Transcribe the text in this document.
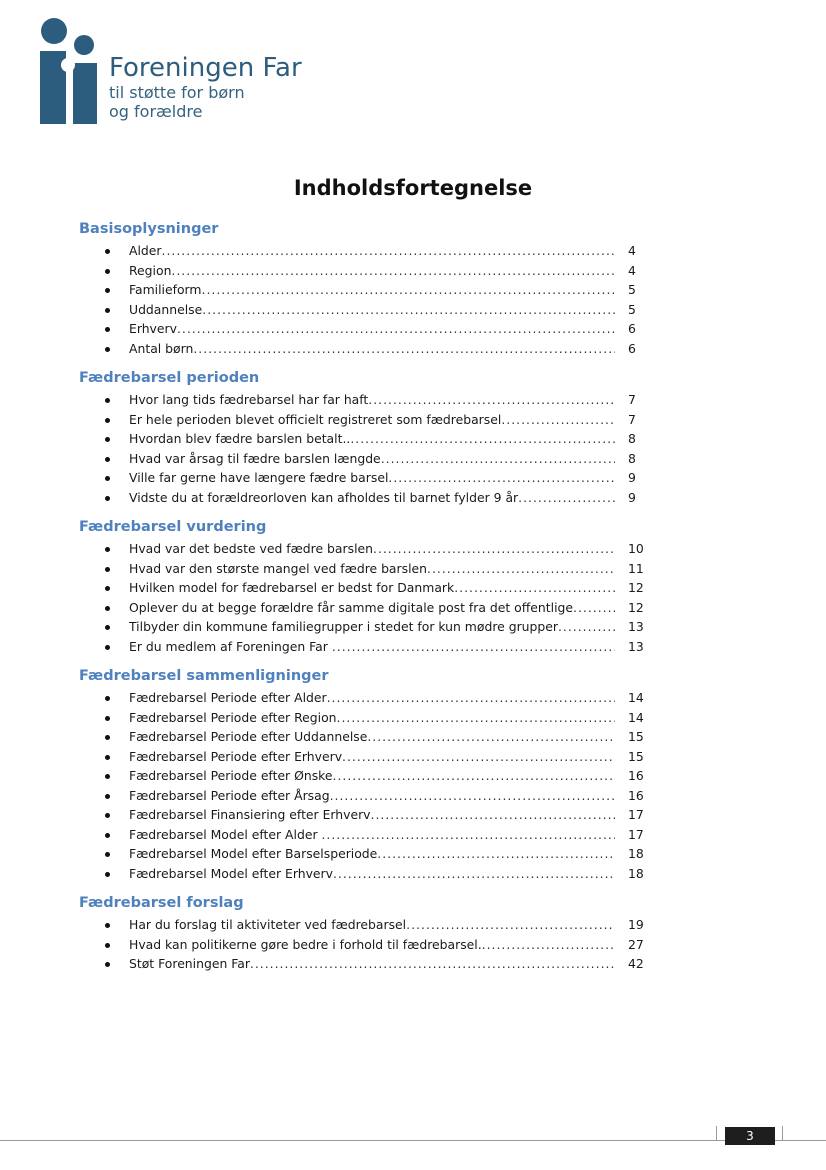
Foreningen Far
til støtte for børn
og forældre
Indholdsfortegnelse
Basisoplysninger
Alder .....	4
Region .....	4
Familieform .....	5
Uddannelse .....	5
Erhverv .....	6
Antal børn .....	6
Fædrebarsel perioden
Hvor lang tids fædrebarsel har far haft .....	7
Er hele perioden blevet officielt registreret som fædrebarsel .....	7
Hvordan blev fædre barslen betalt.. .....	8
Hvad var årsag til fædre barslen længde .....	8
Ville far gerne have længere fædre barsel .....	9
Vidste du at forældreorloven kan afholdes til barnet fylder 9 år .....	9
Fædrebarsel vurdering
Hvad var det bedste ved fædre barslen .....	10
Hvad var den største mangel ved fædre barslen .....	11
Hvilken model for fædrebarsel er bedst for Danmark .....	12
Oplever du at begge forældre får samme digitale post fra det offentlige .....	12
Tilbyder din kommune familiegrupper i stedet for kun mødre grupper .....	13
Er du medlem af Foreningen Far .....	13
Fædrebarsel sammenligninger
Fædrebarsel Periode efter Alder .....	14
Fædrebarsel Periode efter Region .....	14
Fædrebarsel Periode efter Uddannelse .....	15
Fædrebarsel Periode efter Erhverv .....	15
Fædrebarsel Periode efter Ønske .....	16
Fædrebarsel Periode efter Årsag .....	16
Fædrebarsel Finansiering efter Erhverv .....	17
Fædrebarsel Model efter Alder .....	17
Fædrebarsel Model efter Barselsperiode .....	18
Fædrebarsel Model efter Erhverv .....	18
Fædrebarsel forslag
Har du forslag til aktiviteter ved fædrebarsel .....	19
Hvad kan politikerne gøre bedre i forhold til fædrebarsel. .....	27
Støt Foreningen Far .....	42
3
